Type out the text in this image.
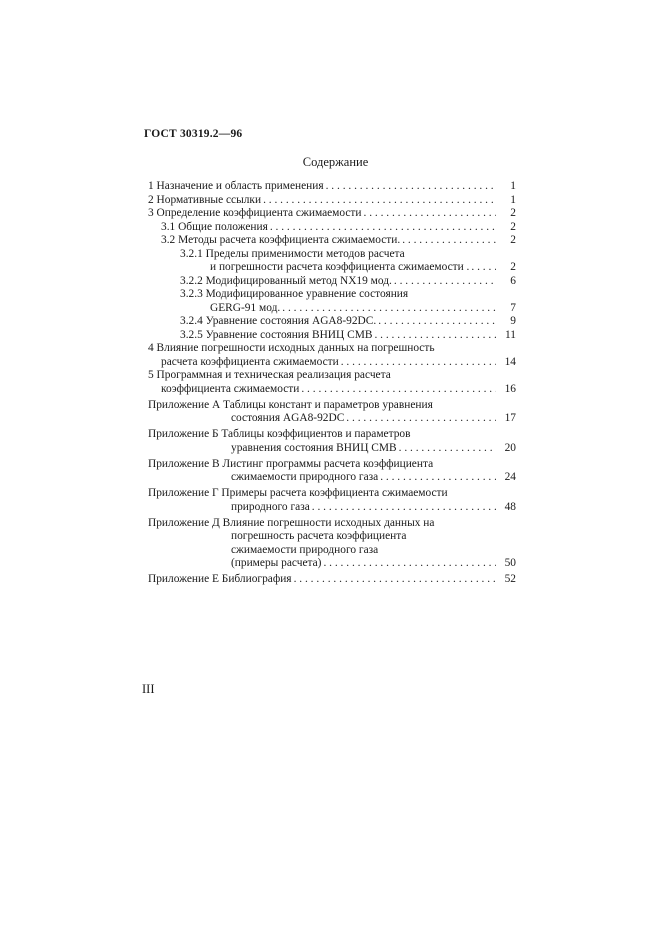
ГОСТ 30319.2—96
Содержание
1 Назначение и область применения . . .	1
2 Нормативные ссылки . . .	1
3 Определение коэффициента сжимаемости . . .	2
3.1 Общие положения . . .	2
3.2 Методы расчета коэффициента сжимаемости. . . .	2
3.2.1 Пределы применимости методов расчета
и погрешности расчета коэффициента сжимаемости . . . .	2
3.2.2 Модифицированный метод NX19 мод. . . .	6
3.2.3 Модифицированное уравнение состояния
GERG-91 мод. . . .	7
3.2.4 Уравнение состояния AGA8-92DC. . . .	9
3.2.5 Уравнение состояния ВНИЦ СМВ . . .	11
4 Влияние погрешности исходных данных на погрешность
расчета коэффициента сжимаемости . . .	14
5 Программная и техническая реализация расчета
коэффициента сжимаемости . . .	16
Приложение А Таблицы констант и параметров уравнения
состояния AGA8-92DC . . .	17
Приложение Б Таблицы коэффициентов и параметров
уравнения состояния ВНИЦ СМВ . . .	20
Приложение В Листинг программы расчета коэффициента
сжимаемости природного газа . . .	24
Приложение Г Примеры расчета коэффициента сжимаемости
природного газа . . .	48
Приложение Д Влияние погрешности исходных данных на
погрешность расчета коэффициента
сжимаемости природного газа
(примеры расчета) . . .	50
Приложение Е Библиография . . .	52
III
